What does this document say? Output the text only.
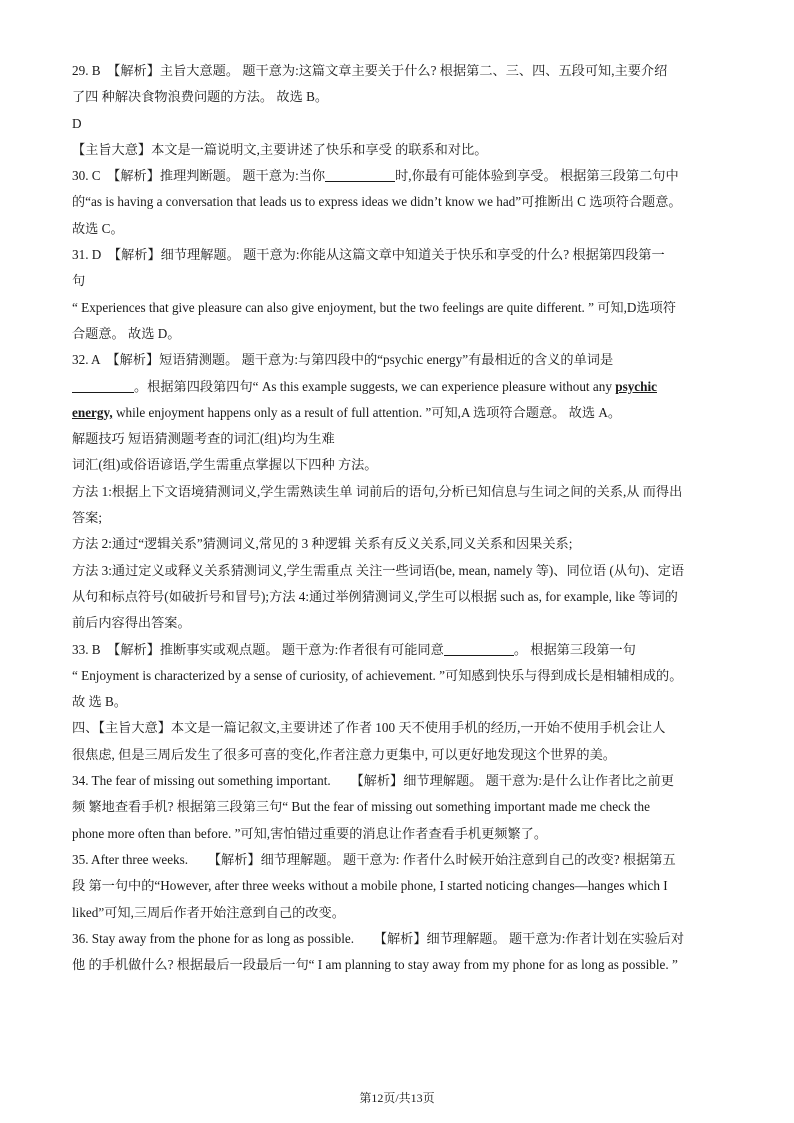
29. B　【解析】主旨大意题。 题干意为:这篇文章主要关于什么? 根据第二、三、四、五段可知,主要介绍
了四 种解决食物浪费问题的方法。 故选 B。
D
【主旨大意】本文是一篇说明文,主要讲述了快乐和享受 的联系和对比。
30. C　【解析】推理判断题。 题干意为:当你	时,你最有可能体验到享受。 根据第三段第二句中
的“as is having a conversation that leads us to express ideas we didn’t know we had”可推断出 C 选项符合题意。
故选 C。
31. D　【解析】细节理解题。 题干意为:你能从这篇文章中知道关于快乐和享受的什么? 根据第四段第一
句
“ Experiences that give pleasure can also give enjoyment, but the two feelings are quite different. ” 可知,D选项符
合题意。 故选 D。
32. A　【解析】短语猜测题。 题干意为:与第四段中的“psychic energy”有最相近的含义的单词是
。根据第四段第四句“ As this example suggests, we can experience pleasure without any psychic
energy, while enjoyment happens only as a result of full attention. ”可知,A 选项符合题意。 故选 A。
解题技巧 短语猜测题考查的词汇(组)均为生难
词汇(组)或俗语谚语,学生需重点掌握以下四种 方法。
方法 1:根据上下文语境猜测词义,学生需熟读生单 词前后的语句,分析已知信息与生词之间的关系,从 而得出
答案;
方法 2:通过“逻辑关系”猜测词义,常见的 3 种逻辑 关系有反义关系,同义关系和因果关系;
方法 3:通过定义或释义关系猜测词义,学生需重点 关注一些词语(be, mean, namely 等)、同位语 (从句)、定语
从句和标点符号(如破折号和冒号);方法 4:通过举例猜测词义,学生可以根据 such as, for example, like 等词的
前后内容得出答案。
33. B　【解析】推断事实或观点题。 题干意为:作者很有可能同意	。 根据第三段第一句
“ Enjoyment is characterized by a sense of curiosity, of achievement. ”可知感到快乐与得到成长是相辅相成的。
故 选 B。
四、【主旨大意】本文是一篇记叙文,主要讲述了作者 100 天不使用手机的经历,一开始不使用手机会让人
很焦虑, 但是三周后发生了很多可喜的变化,作者注意力更集中, 可以更好地发现这个世界的美。
34. The fear of missing out something important.　　【解析】细节理解题。 题干意为:是什么让作者比之前更
频 繁地查看手机? 根据第三段第三句“ But the fear of missing out something important made me check the
phone more often than before. ”可知,害怕错过重要的消息让作者查看手机更频繁了。
35. After three weeks.　　【解析】细节理解题。 题干意为: 作者什么时候开始注意到自己的改变? 根据第五
段 第一句中的“However, after three weeks without a mobile phone, I started noticing changes—hanges which I
liked”可知,三周后作者开始注意到自己的改变。
36. Stay away from the phone for as long as possible.　　【解析】细节理解题。 题干意为:作者计划在实验后对
他 的手机做什么? 根据最后一段最后一句“ I am planning to stay away from my phone for as long as possible. ”
第12页/共13页
